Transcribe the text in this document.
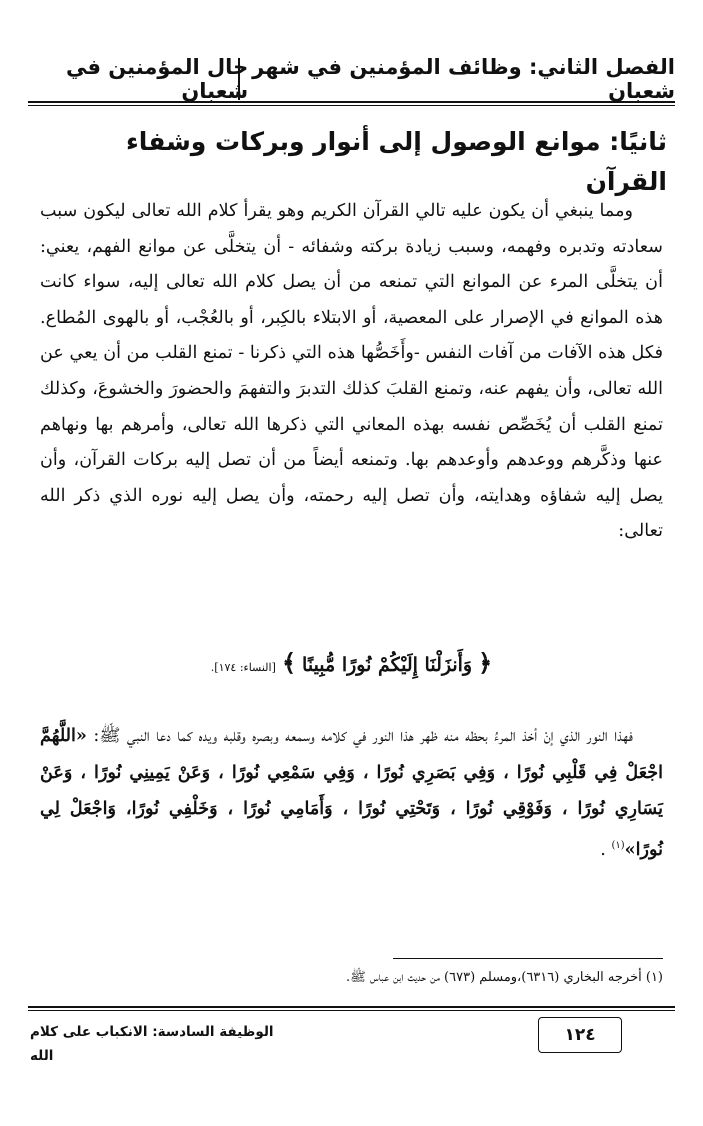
الفصل الثاني: وظائف المؤمنين في شهر شعبان
حال المؤمنين في شعبان
ثانيًا: موانع الوصول إلى أنوار وبركات وشفاء القرآن

ومما ينبغي أن يكون عليه تالي القرآن الكريم وهو يقرأ كلام الله تعالى ليكون سبب سعادته وتدبره وفهمه، وسبب زيادة بركته وشفائه - أن يتخلَّى عن موانع الفهم، يعني: أن يتخلَّى المرء عن الموانع التي تمنعه من أن يصل كلام الله تعالى إليه، سواء كانت هذه الموانع في الإصرار على المعصية، أو الابتلاء بالكِبر، أو بالعُجْب، أو بالهوى المُطاع. فكل هذه الآفات من آفات النفس -وأَخَصُّها هذه التي ذكرنا - تمنع القلب من أن يعي عن الله تعالى، وأن يفهم عنه، وتمنع القلبَ كذلك التدبرَ والتفهمَ والحضورَ والخشوعَ، وكذلك تمنع القلب أن يُخَصِّص نفسه بهذه المعاني التي ذكرها الله تعالى، وأمرهم بها ونهاهم عنها وذكَّرهم ووعدهم وأوعدهم بها. وتمنعه أيضاً من أن تصل إليه بركات القرآن، وأن يصل إليه شفاؤه وهدايته، وأن تصل إليه رحمته، وأن يصل إليه نوره الذي ذكر الله تعالى:

﴿ وَأَنزَلْنَا إِلَيْكُمْ نُورًا مُّبِينًا ﴾ [النساء: ١٧٤].

فهذا النور الذي إنْ أخذ المرءُ بحظه منه ظهر هذا النور في كلامه وسمعه وبصره وقلبه ويده كما دعا النبي ﷺ: «اللَّهُمَّ اجْعَلْ فِي قَلْبِي نُورًا ، وَفِي بَصَرِي نُورًا ، وَفِي سَمْعِي نُورًا ، وَعَنْ يَمِينِي نُورًا ، وَعَنْ يَسَارِي نُورًا ، وَفَوْقِي نُورًا ، وَتَحْتِي نُورًا ، وَأَمَامِي نُورًا ، وَخَلْفِي نُورًا، وَاجْعَلْ لِي نُورًا»$^{(١)}$ .

(١) أخرجه البخاري (٦٣١٦)،ومسلم (٦٧٣) من حديث ابن عباس ﷺ.
١٢٤
الوظيفة السادسة: الانكباب على كلام الله
